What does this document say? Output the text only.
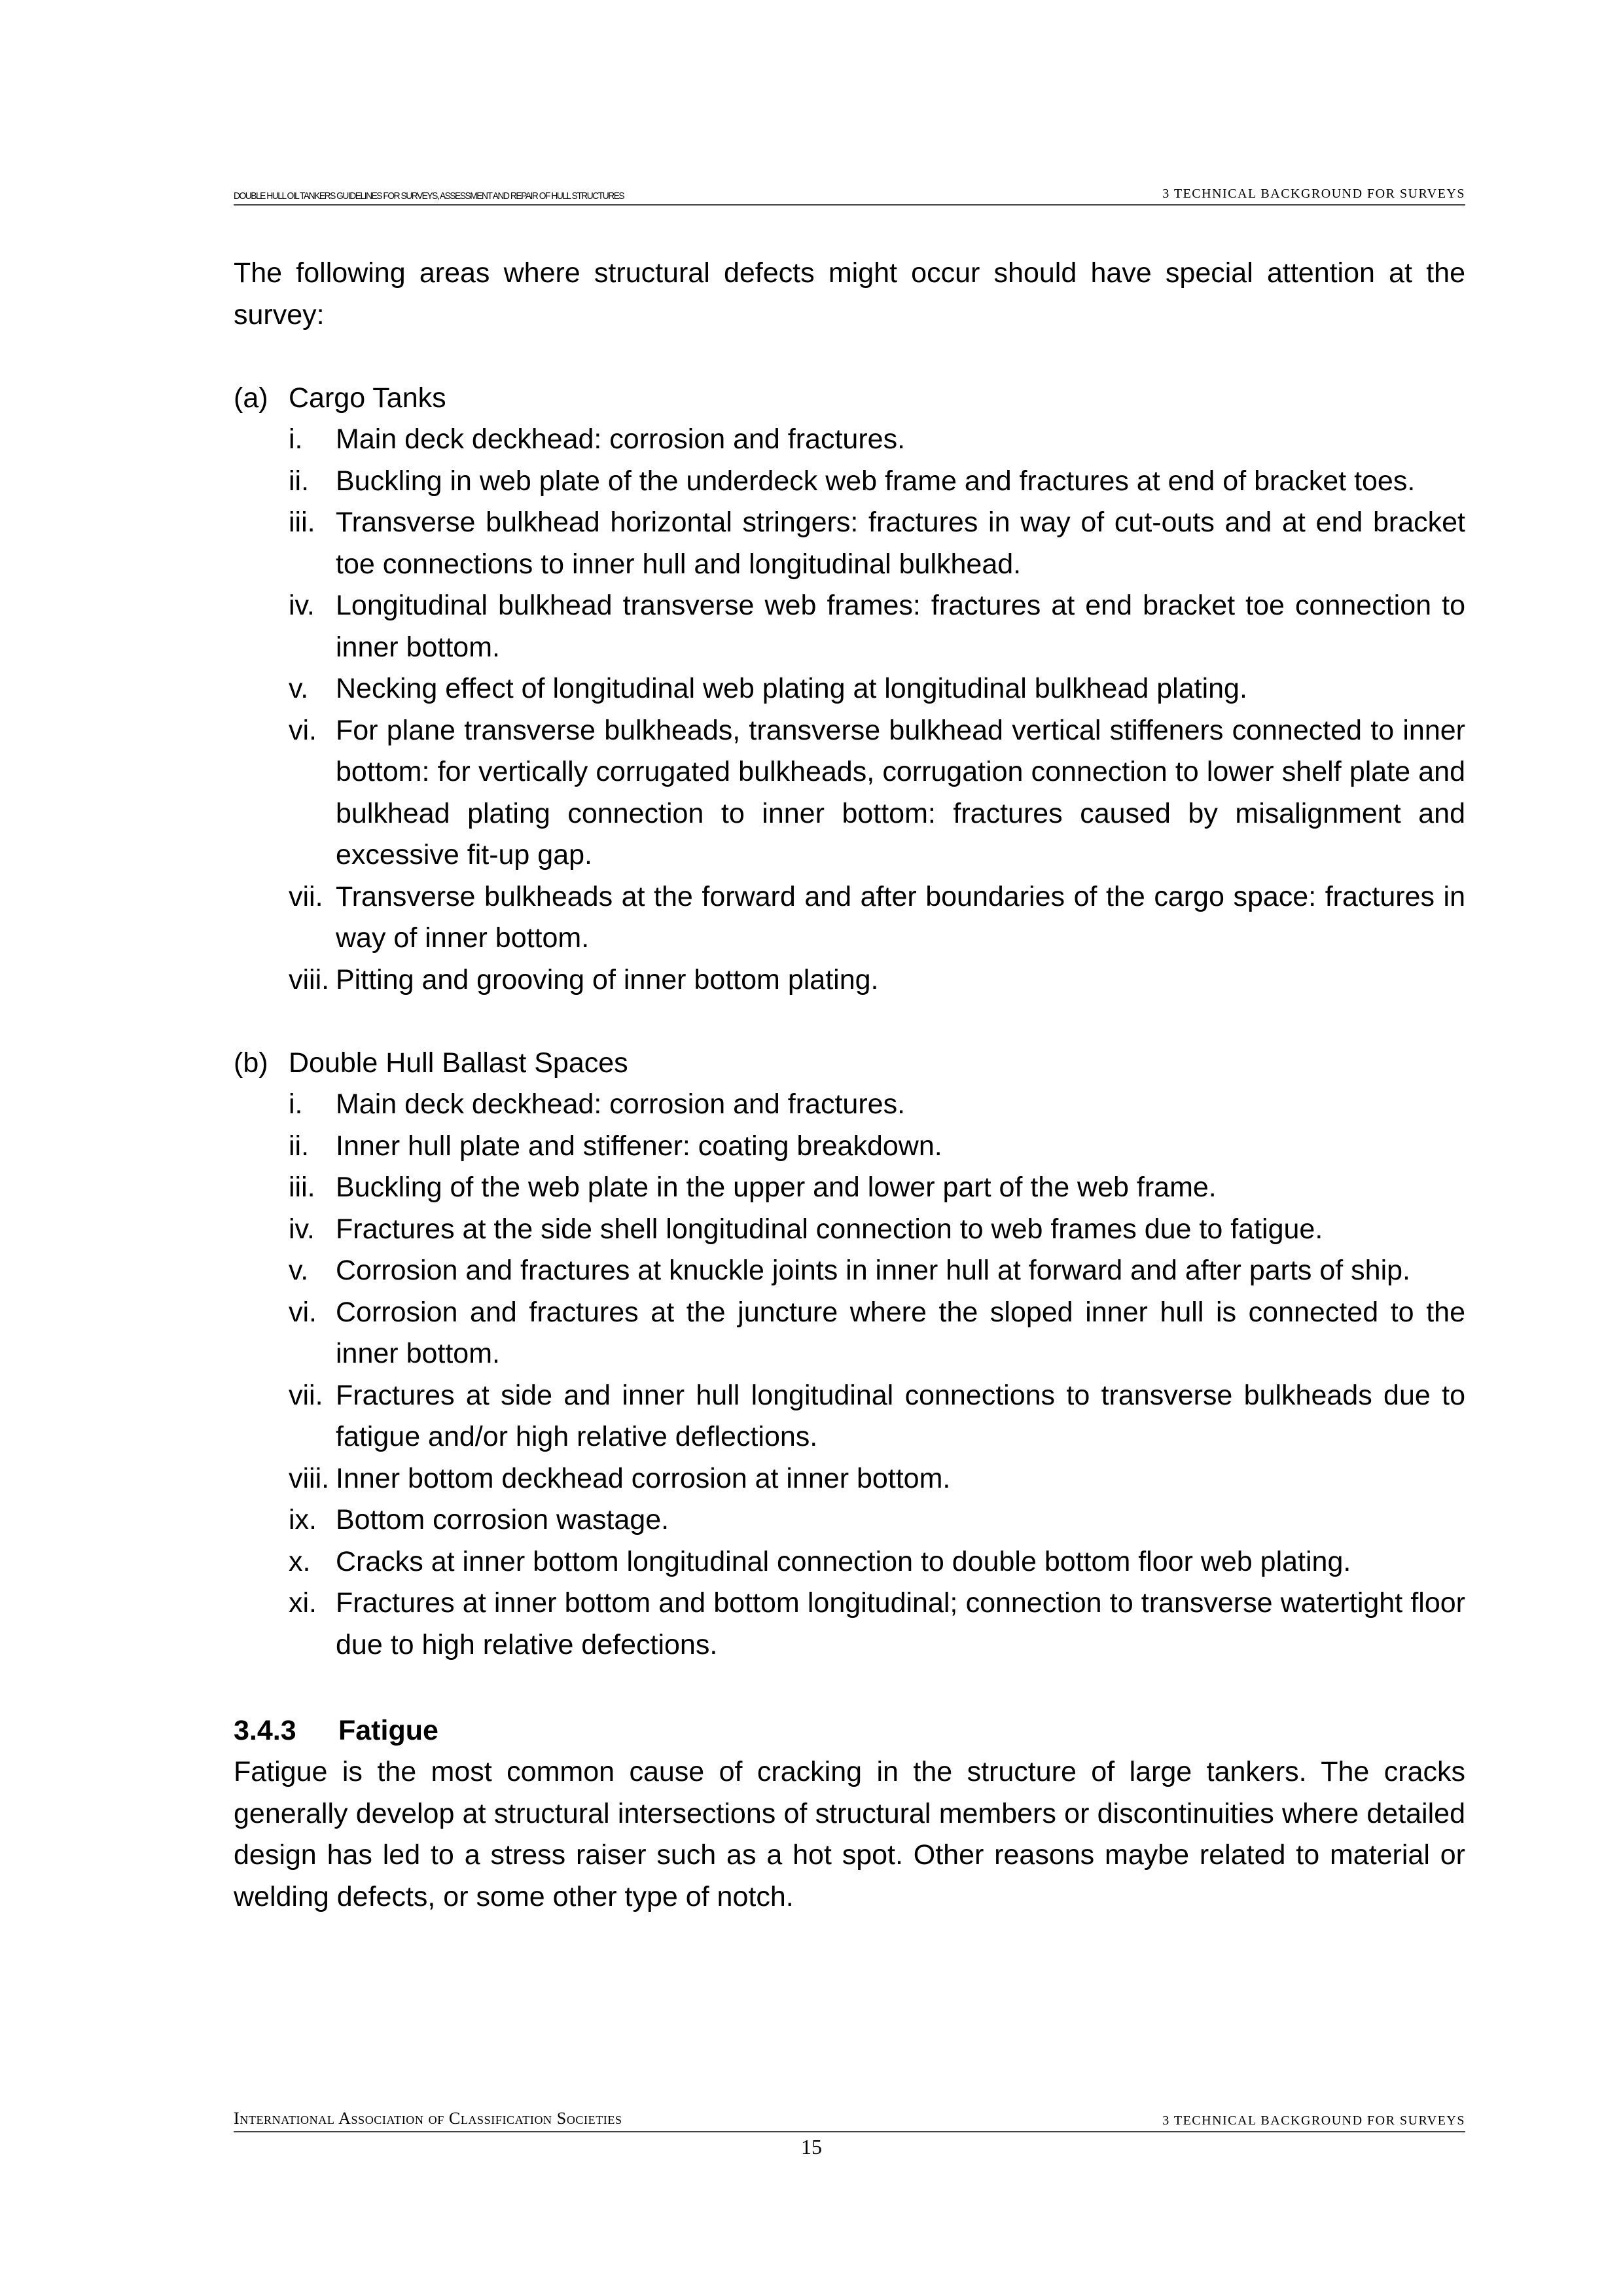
DOUBLE HULL OIL TANKERS GUIDELINES FOR SURVEYS, ASSESSMENT AND REPAIR OF HULL STRUCTURES	3 TECHNICAL BACKGROUND FOR SURVEYS

The following areas where structural defects might occur should have special attention at the survey:

(a) Cargo Tanks
i.	Main deck deckhead: corrosion and fractures.
ii. Buckling in web plate of the underdeck web frame and fractures at end of bracket toes.
iii. Transverse bulkhead horizontal stringers: fractures in way of cut-outs and at end bracket toe connections to inner hull and longitudinal bulkhead.
iv. Longitudinal bulkhead transverse web frames: fractures at end bracket toe connection to inner bottom.
v. Necking effect of longitudinal web plating at longitudinal bulkhead plating.
vi. For plane transverse bulkheads, transverse bulkhead vertical stiffeners connected to inner bottom: for vertically corrugated bulkheads, corrugation connection to lower shelf plate and bulkhead plating connection to inner bottom: fractures caused by misalignment and excessive fit-up gap.
vii. Transverse bulkheads at the forward and after boundaries of the cargo space: fractures in way of inner bottom.
viii. Pitting and grooving of inner bottom plating.
(b) Double Hull Ballast Spaces
i.	Main deck deckhead: corrosion and fractures.
ii. Inner hull plate and stiffener: coating breakdown.
iii. Buckling of the web plate in the upper and lower part of the web frame.
iv. Fractures at the side shell longitudinal connection to web frames due to fatigue.
v. Corrosion and fractures at knuckle joints in inner hull at forward and after parts of ship.
vi. Corrosion and fractures at the juncture where the sloped inner hull is connected to the inner bottom.
vii. Fractures at side and inner hull longitudinal connections to transverse bulkheads due to fatigue and/or high relative deflections.
viii. Inner bottom deckhead corrosion at inner bottom.
ix. Bottom corrosion wastage.
x. Cracks at inner bottom longitudinal connection to double bottom floor web plating.
xi. Fractures at inner bottom and bottom longitudinal; connection to transverse watertight floor due to high relative defections.
3.4.3	Fatigue

Fatigue is the most common cause of cracking in the structure of large tankers. The cracks generally develop at structural intersections of structural members or discontinuities where detailed design has led to a stress raiser such as a hot spot. Other reasons maybe related to material or welding defects, or some other type of notch.

International Association of Classification Societies	3 TECHNICAL BACKGROUND FOR SURVEYS
15
